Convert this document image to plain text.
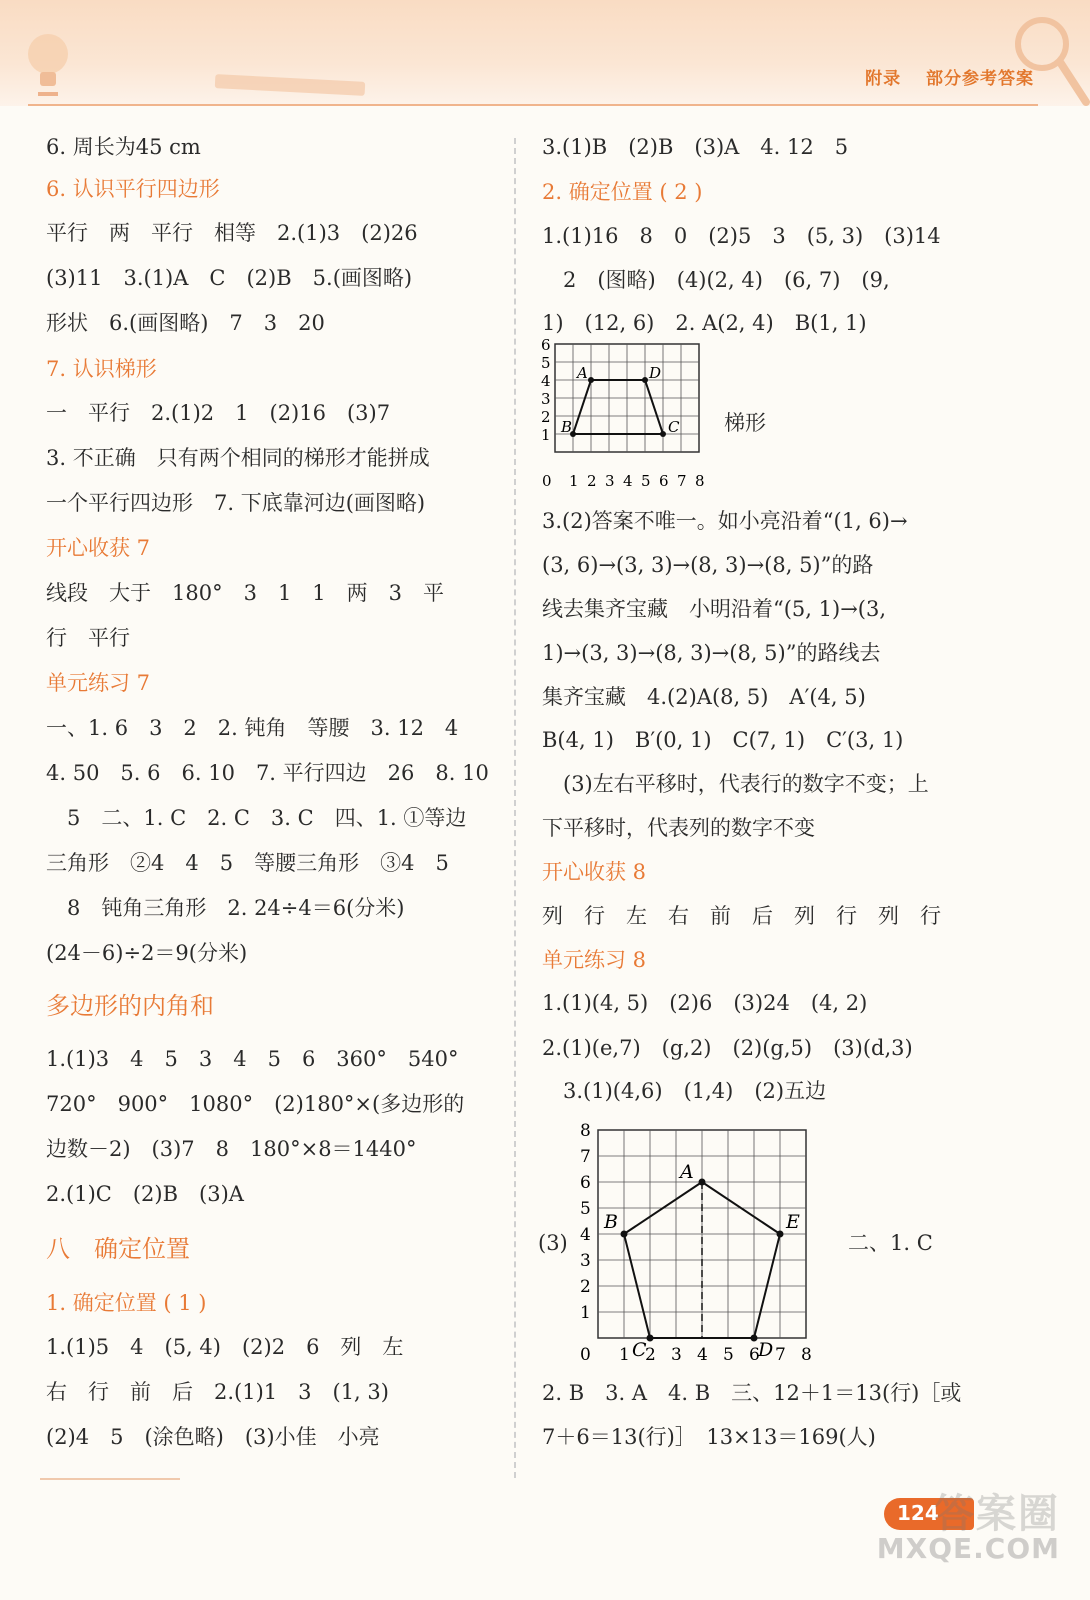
附录 部分参考答案
6. 周长为45 cm
6. 认识平行四边形
平行　两　平行　相等　2.(1)3　(2)26
(3)11　3.(1)A　C　(2)B　5.(画图略)
形状　6.(画图略)　7　3　20
7. 认识梯形
一　平行　2.(1)2　1　(2)16　(3)7
3. 不正确　只有两个相同的梯形才能拼成
一个平行四边形　7. 下底靠河边(画图略)
开心收获 7
线段　大于　180°　3　1　1　两　3　平
行　平行
单元练习 7
一、1. 6　3　2　2. 钝角　等腰　3. 12　4
4. 50　5. 6　6. 10　7. 平行四边　26　8. 10
　5　二、1. C　2. C　3. C　四、1. ①等边
三角形　②4　4　5　等腰三角形　③4　5
　8　钝角三角形　2. 24÷4＝6(分米)
(24－6)÷2＝9(分米)
多边形的内角和
1.(1)3　4　5　3　4　5　6　360°　540°
720°　900°　1080°　(2)180°×(多边形的
边数－2)　(3)7　8　180°×8＝1440°
2.(1)C　(2)B　(3)A
八　确定位置
1. 确定位置 ( 1 )
1.(1)5　4　(5, 4)　(2)2　6　列　左
右　行　前　后　2.(1)1　3　(1, 3)
(2)4　5　(涂色略)　(3)小佳　小亮
3.(1)B　(2)B　(3)A　4. 12　5
2. 确定位置 ( 2 )
1.(1)16　8　0　(2)5　3　(5, 3)　(3)14
　2　(图略)　(4)(2, 4)　(6, 7)　(9,
1)　(12, 6)　2. A(2, 4)　B(1, 1)
梯形
3.(2)答案不唯一。如小亮沿着“(1, 6)→
(3, 6)→(3, 3)→(8, 3)→(8, 5)”的路
线去集齐宝藏　小明沿着“(5, 1)→(3,
1)→(3, 3)→(8, 3)→(8, 5)”的路线去
集齐宝藏　4.(2)A(8, 5)　A′(4, 5)
B(4, 1)　B′(0, 1)　C(7, 1)　C′(3, 1)
　(3)左右平移时，代表行的数字不变；上
下平移时，代表列的数字不变
开心收获 8
列　行　左　右　前　后　列　行　列　行
单元练习 8
1.(1)(4, 5)　(2)6　(3)24　(4, 2)
2.(1)(e,7)　(g,2)　(2)(g,5)　(3)(d,3)
　3.(1)(4,6)　(1,4)　(2)五边
(3)	二、1. C
2. B　3. A　4. B　三、12＋1＝13(行)［或
7＋6＝13(行)］　13×13＝169(人)
1
2
3
4
5
6
0 1 2 3 4 5 6 7 8
A	D
B	C
1
2
3
4
5
6
7
8
0 1 2 3 4 5 6 7 8
A
B	E
C	D
124
答案圈
MXQE.COM
